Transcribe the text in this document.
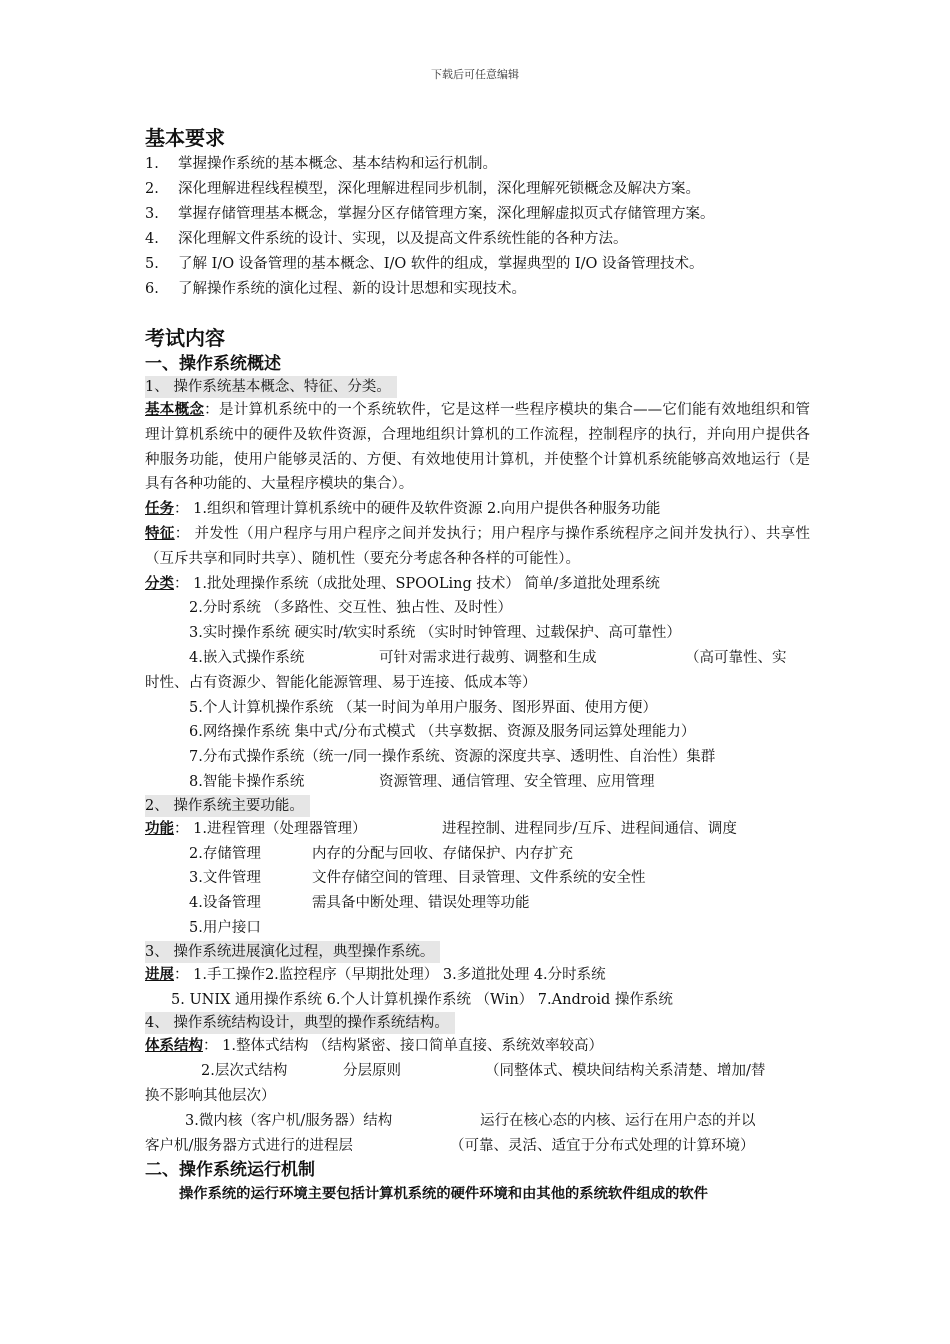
下载后可任意编辑
基本要求
1. 掌握操作系统的基本概念、基本结构和运行机制。
2. 深化理解进程线程模型，深化理解进程同步机制，深化理解死锁概念及解决方案。
3. 掌握存储管理基本概念，掌握分区存储管理方案，深化理解虚拟页式存储管理方案。
4. 深化理解文件系统的设计、实现，以及提高文件系统性能的各种方法。
5. 了解 I/O 设备管理的基本概念、I/O 软件的组成，掌握典型的 I/O 设备管理技术。
6. 了解操作系统的演化过程、新的设计思想和实现技术。
考试内容
一、操作系统概述
1、 操作系统基本概念、特征、分类。
基本概念：是计算机系统中的一个系统软件，它是这样一些程序模块的集合——它们能有效地组织和管理计算机系统中的硬件及软件资源，合理地组织计算机的工作流程，控制程序的执行，并向用户提供各种服务功能，使用户能够灵活的、方便、有效地使用计算机，并使整个计算机系统能够高效地运行（是具有各种功能的、大量程序模块的集合）。
任务： 1.组织和管理计算机系统中的硬件及软件资源 2.向用户提供各种服务功能
特征： 并发性（用户程序与用户程序之间并发执行；用户程序与操作系统程序之间并发执行）、共享性（互斥共享和同时共享）、随机性（要充分考虑各种各样的可能性）。
分类： 1.批处理操作系统（成批处理、SPOOLing 技术） 简单/多道批处理系统
2.分时系统 （多路性、交互性、独占性、及时性）
3.实时操作系统 硬实时/软实时系统 （实时时钟管理、过载保护、高可靠性）
4.嵌入式操作系统	可针对需求进行裁剪、调整和生成	（高可靠性、实
时性、占有资源少、智能化能源管理、易于连接、低成本等）
5.个人计算机操作系统 （某一时间为单用户服务、图形界面、使用方便）
6.网络操作系统 集中式/分布式模式 （共享数据、资源及服务同运算处理能力）
7.分布式操作系统（统一/同一操作系统、资源的深度共享、透明性、自治性）集群
8.智能卡操作系统	资源管理、通信管理、安全管理、应用管理
2、 操作系统主要功能。
功能： 1.进程管理（处理器管理）	进程控制、进程同步/互斥、进程间通信、调度
2.存储管理	内存的分配与回收、存储保护、内存扩充
3.文件管理	文件存储空间的管理、目录管理、文件系统的安全性
4.设备管理	需具备中断处理、错误处理等功能
5.用户接口
3、 操作系统进展演化过程，典型操作系统。
进展： 1.手工操作2.监控程序（早期批处理） 3.多道批处理 4.分时系统
5. UNIX 通用操作系统 6.个人计算机操作系统 （Win） 7.Android 操作系统
4、 操作系统结构设计，典型的操作系统结构。
体系结构： 1.整体式结构 （结构紧密、接口简单直接、系统效率较高）
2.层次式结构	分层原则	（同整体式、模块间结构关系清楚、增加/替
换不影响其他层次）
3.微内核（客户机/服务器）结构	运行在核心态的内核、运行在用户态的并以
客户机/服务器方式进行的进程层	（可靠、灵活、适宜于分布式处理的计算环境）
二、操作系统运行机制
操作系统的运行环境主要包括计算机系统的硬件环境和由其他的系统软件组成的软件
